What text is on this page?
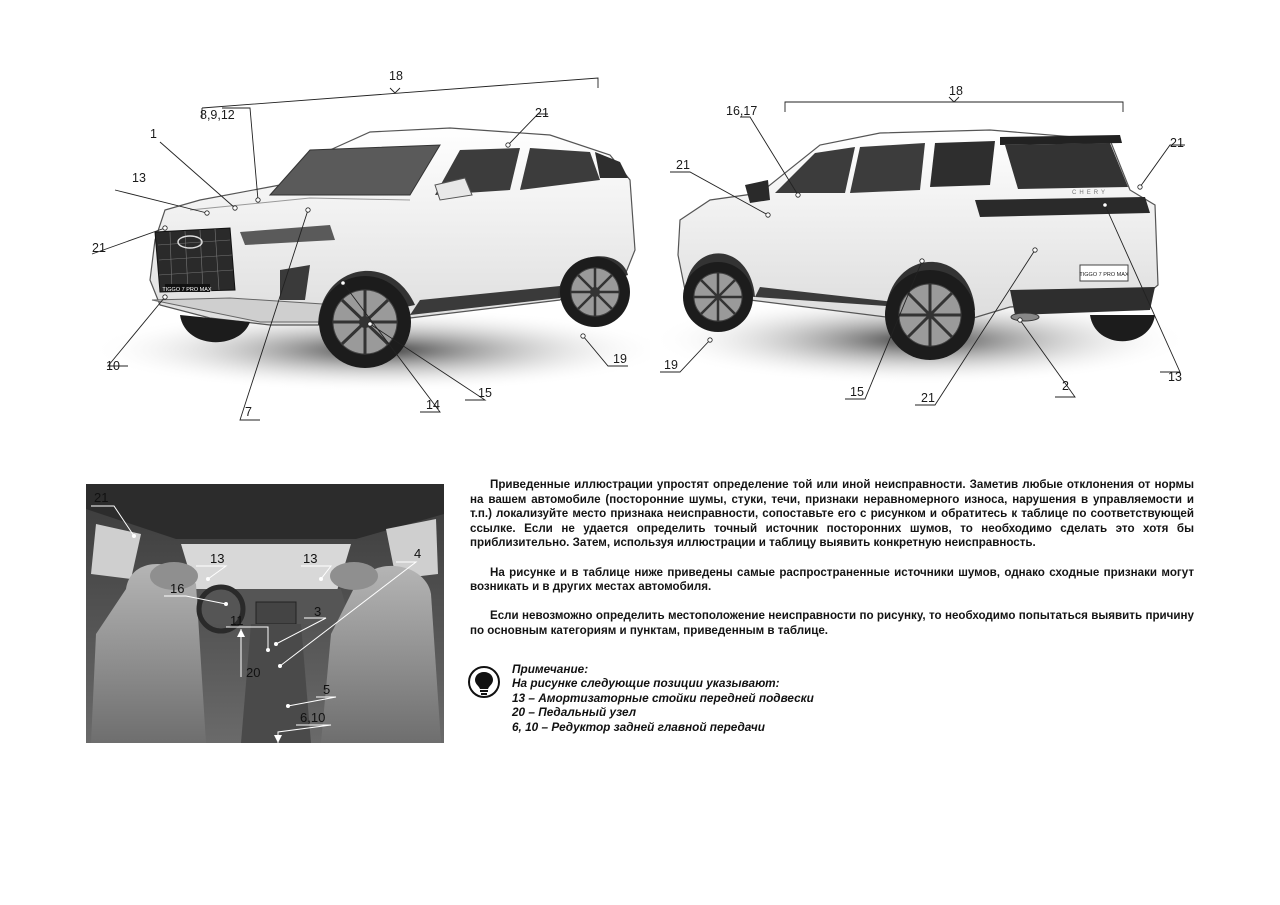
TIGGO 7 PRO MAX
18
8,9,12
1
21
13
21
10
7	14
15
19
CHERY
TIGGO 7 PRO MAX
18
16,17
21
21
19
15	21
2
13
21
13	13	4
16
3
11
20
5
6,10

Приведенные иллюстрации упростят определение той или иной неисправности. Заметив любые отклонения от нормы на вашем автомобиле (посторонние шумы, стуки, течи, признаки неравномерного износа, нарушения в управляемости и т.п.) локализуйте место признака неисправности, сопоставьте его с рисунком и обратитесь к таблице по соответствующей ссылке. Если не удается определить точный источник посторонних шумов, то необходимо сделать это хотя бы приблизительно. Затем, используя иллюстрации и таблицу выявить конкретную неисправность.

На рисунке и в таблице ниже приведены самые распространенные источники шумов, однако сходные признаки могут возникать и в других местах автомобиля.

Если невозможно определить местоположение неисправности по рисунку, то необходимо попытаться выявить причину по основным категориям и пунктам, приведенным в таблице.

Примечание:
На рисунке следующие позиции указывают:
13 – Амортизаторные стойки передней подвески
20 – Педальный узел
6, 10 – Редуктор задней главной передачи
